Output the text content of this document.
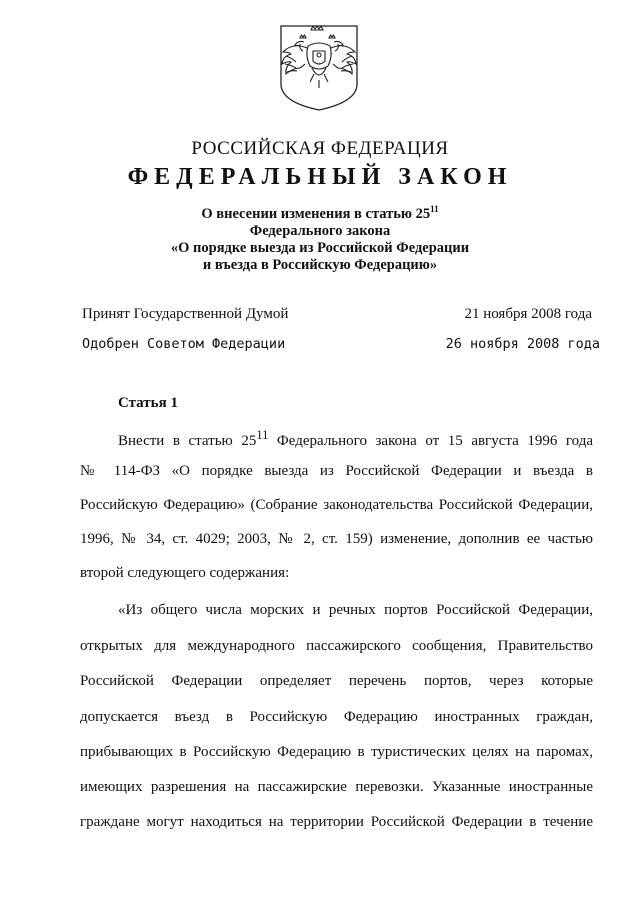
РОССИЙСКАЯ ФЕДЕРАЦИЯ
ФЕДЕРАЛЬНЫЙ ЗАКОН
О внесении изменения в статью $25^{11}$
Федерального закона
«О порядке выезда из Российской Федерации
и въезда в Российскую Федерацию»
Принят Государственной Думой	21 ноября 2008 года
Одобрен Советом Федерации	26 ноября 2008 года
Статья 1
Внести в статью $25^{11}$ Федерального закона от 15 августа 1996 года
№ 114-ФЗ «О порядке выезда из Российской Федерации и въезда в
Российскую Федерацию» (Собрание законодательства Российской Федерации,
1996, № 34, ст. 4029; 2003, № 2, ст. 159) изменение, дополнив ее частью
второй следующего содержания:
«Из общего числа морских и речных портов Российской Федерации,
открытых для международного пассажирского сообщения, Правительство
Российской Федерации определяет перечень портов, через которые
допускается въезд в Российскую Федерацию иностранных граждан,
прибывающих в Российскую Федерацию в туристических целях на паромах,
имеющих разрешения на пассажирские перевозки. Указанные иностранные
граждане могут находиться на территории Российской Федерации в течение
